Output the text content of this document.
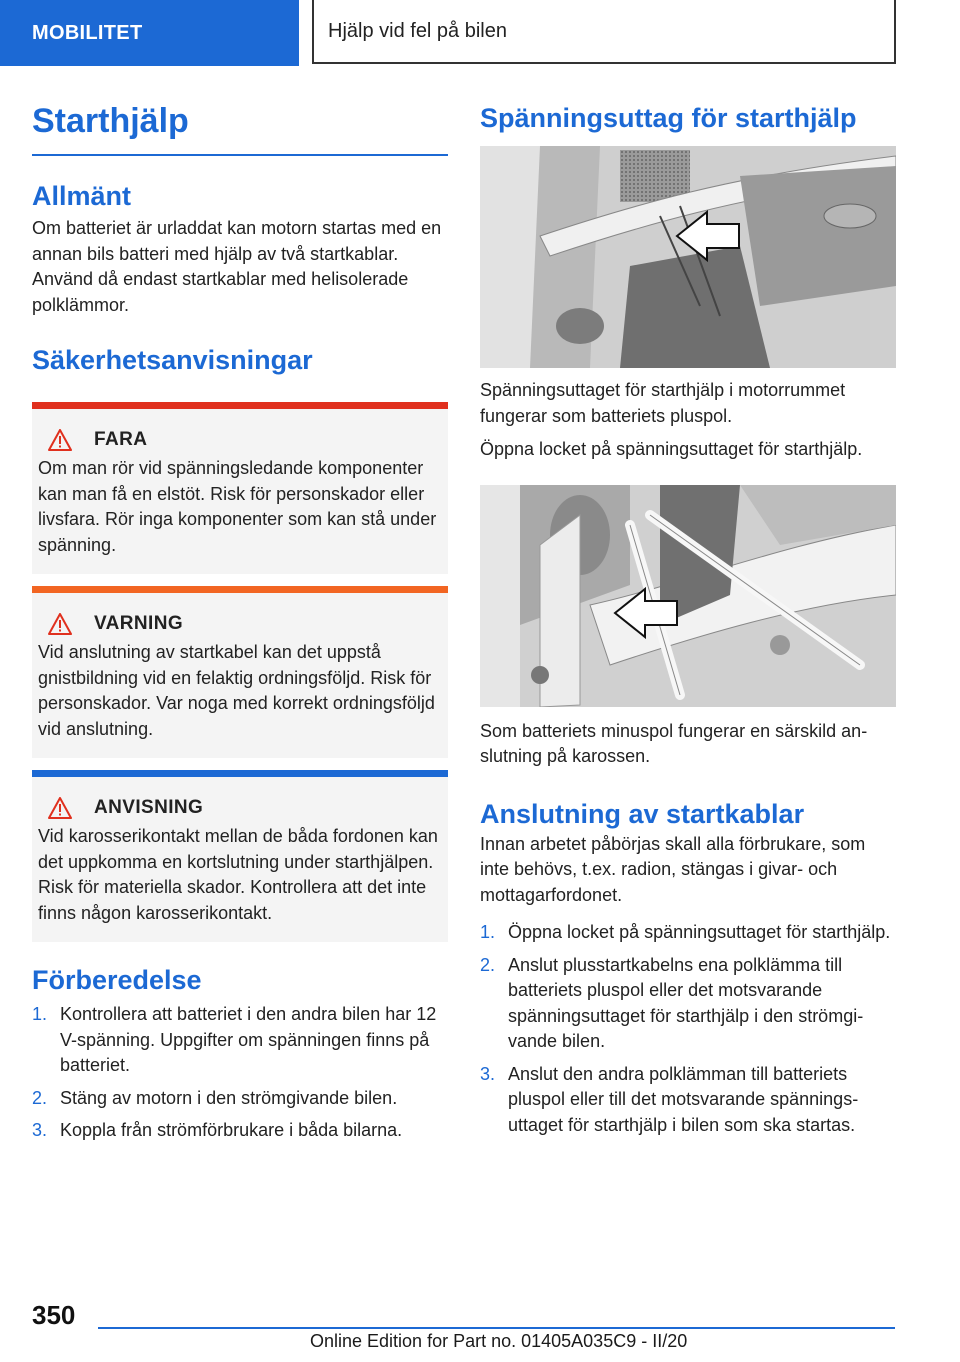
MOBILITET	Hjälp vid fel på bilen
Starthjälp
Allmänt

Om batteriet är urladdat kan motorn startas med en annan bils batteri med hjälp av två startkablar. Använd då endast startkablar med helisolerade polklämmor.

Säkerhetsanvisningar
FARA

Om man rör vid spänningsledande komponenter kan man få en elstöt. Risk för personskador eller livsfara. Rör inga komponenter som kan stå under spänning.

VARNING

Vid anslutning av startkabel kan det uppstå gnistbildning vid en felaktig ordningsföljd. Risk för personskador. Var noga med korrekt ordningsföljd vid anslutning.

ANVISNING

Vid karosserikontakt mellan de båda fordonen kan det uppkomma en kortslutning under starthjälpen. Risk för materiella skador. Kontrollera att det inte finns någon karosserikontakt.

Förberedelse
1. Kontrollera att batteriet i den andra bilen har 12 V-spänning. Uppgifter om spänningen finns på batteriet.
2. Stäng av motorn i den strömgivande bilen.
3. Koppla från strömförbrukare i båda bilarna.
Spänningsuttag för starthjälp

Spänningsuttaget för starthjälp i motorrummet fungerar som batteriets pluspol.

Öppna locket på spänningsuttaget för starthjälp.

Som batteriets minuspol fungerar en särskild anslutning på karossen.

Anslutning av startkablar

Innan arbetet påbörjas skall alla förbrukare, som inte behövs, t.ex. radion, stängas i givar- och mottagarfordonet.

1. Öppna locket på spänningsuttaget för starthjälp.
2. Anslut plusstartkabelns ena polklämma till batteriets pluspol eller det motsvarande spänningsuttaget för starthjälp i den strömgivande bilen.
3. Anslut den andra polklämman till batteriets pluspol eller till det motsvarande spänningsuttaget för starthjälp i bilen som ska startas.
350
Online Edition for Part no. 01405A035C9 - II/20
